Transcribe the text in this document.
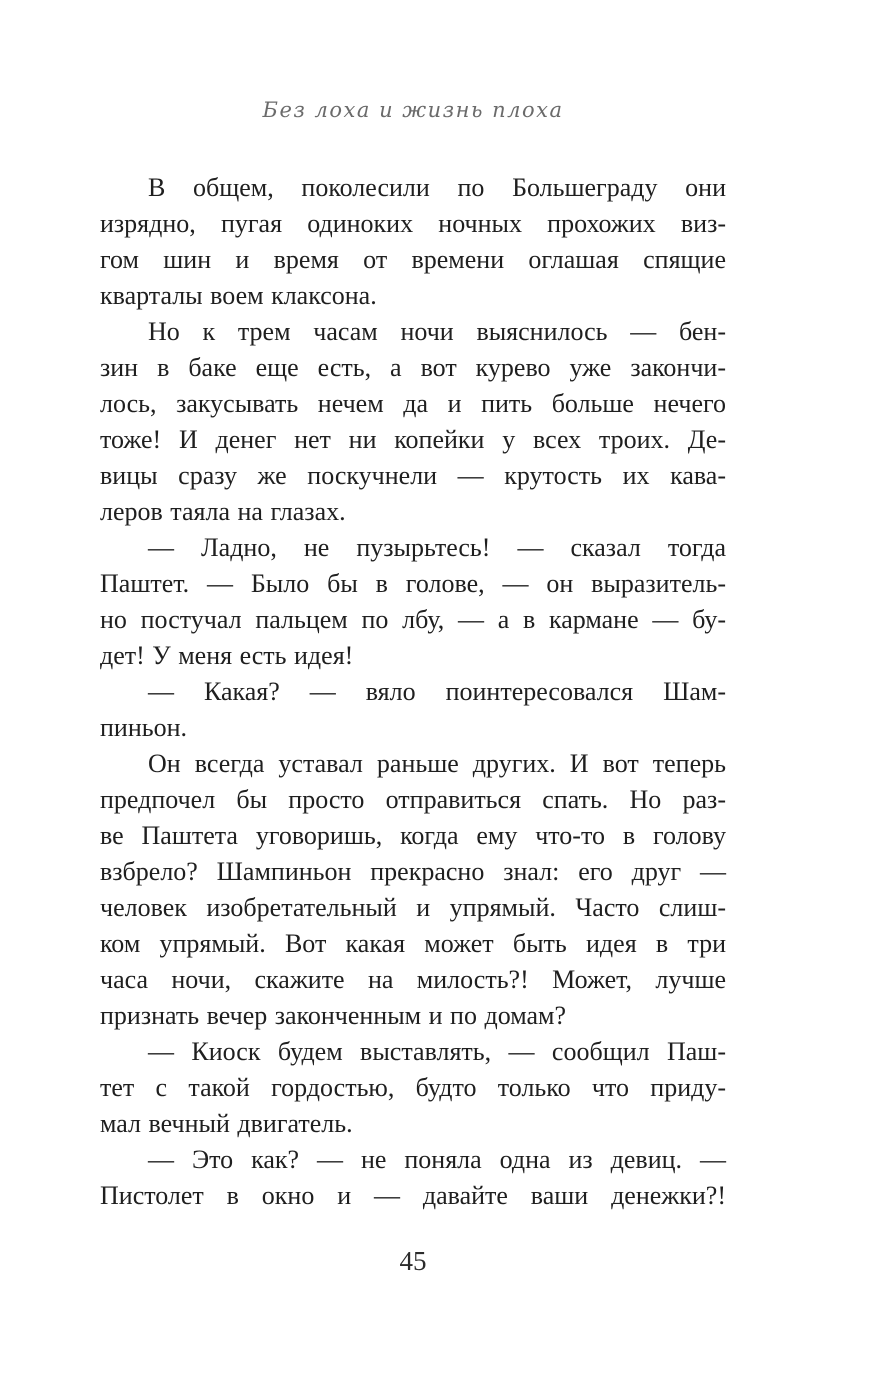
Без лоха и жизнь плоха
В общем, поколесили по Большеграду они
изрядно, пугая одиноких ночных прохожих виз-
гом шин и время от времени оглашая спящие
кварталы воем клаксона.
Но к трем часам ночи выяснилось — бен-
зин в баке еще есть, а вот курево уже закончи-
лось, закусывать нечем да и пить больше нечего
тоже! И денег нет ни копейки у всех троих. Де-
вицы сразу же поскучнели — крутость их кава-
леров таяла на глазах.
— Ладно, не пузырьтесь! — сказал тогда
Паштет. — Было бы в голове, — он выразитель-
но постучал пальцем по лбу, — а в кармане — бу-
дет! У меня есть идея!
— Какая? — вяло поинтересовался Шам-
пиньон.
Он всегда уставал раньше других. И вот теперь
предпочел бы просто отправиться спать. Но раз-
ве Паштета уговоришь, когда ему что-то в голову
взбрело? Шампиньон прекрасно знал: его друг —
человек изобретательный и упрямый. Часто слиш-
ком упрямый. Вот какая может быть идея в три
часа ночи, скажите на милость?! Может, лучше
признать вечер законченным и по домам?
— Киоск будем выставлять, — сообщил Паш-
тет с такой гордостью, будто только что приду-
мал вечный двигатель.
— Это как? — не поняла одна из девиц. —
Пистолет в окно и — давайте ваши денежки?!
45
